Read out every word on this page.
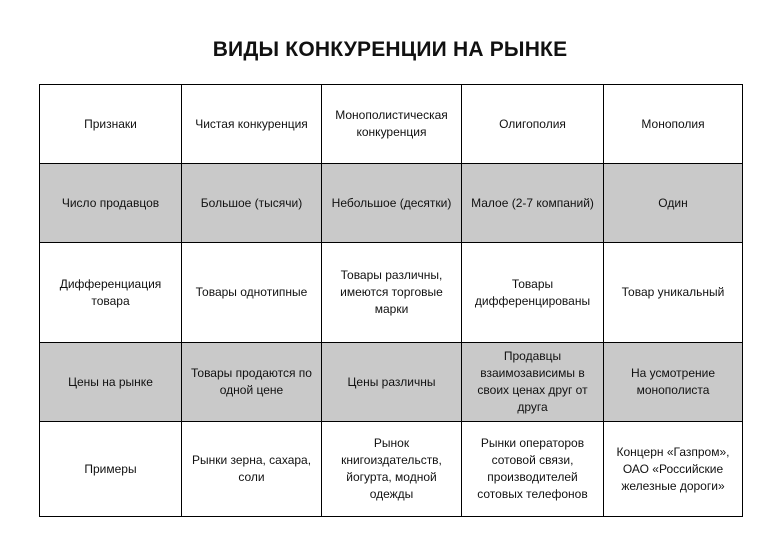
ВИДЫ КОНКУРЕНЦИИ НА РЫНКЕ
Признаки	Чистая конкуренция	Монополистическая конкуренция	Олигополия	Монополия
Число продавцов	Большое (тысячи)	Небольшое (десятки)	Малое (2-7 компаний)	Один
Дифференциация товара	Товары однотипные	Товары различны, имеются торговые марки	Товары дифференцированы	Товар уникальный
Цены на рынке	Товары продаются по одной цене	Цены различны	Продавцы взаимозависимы в своих ценах друг от друга	На усмотрение монополиста
Примеры	Рынки зерна, сахара, соли	Рынок книгоиздательств, йогурта, модной одежды	Рынки операторов сотовой связи, производителей сотовых телефонов	Концерн «Газпром», ОАО «Российские железные дороги»
